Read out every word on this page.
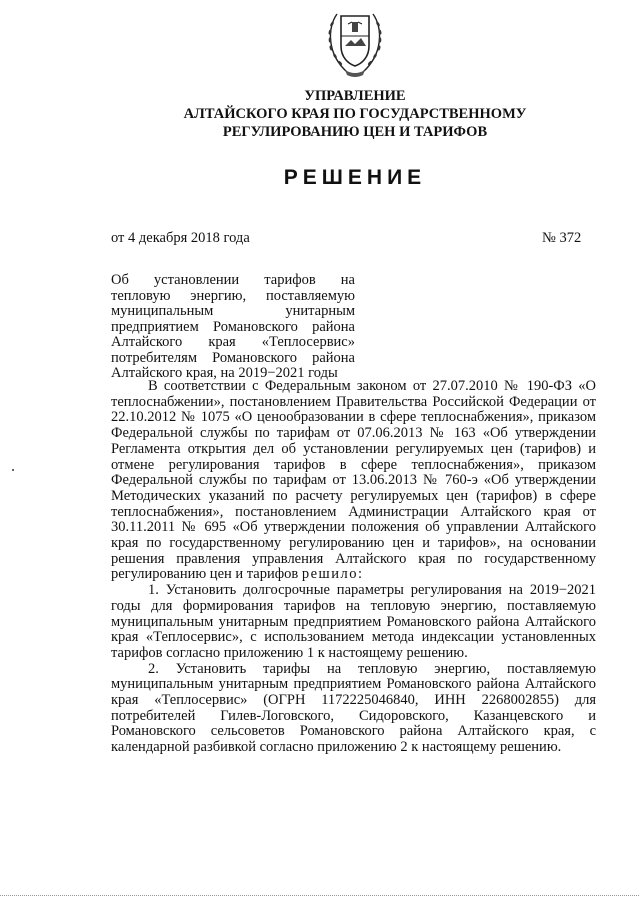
УПРАВЛЕНИЕ
АЛТАЙСКОГО КРАЯ ПО ГОСУДАРСТВЕННОМУ
РЕГУЛИРОВАНИЮ ЦЕН И ТАРИФОВ
РЕШЕНИЕ
от 4 декабря 2018 года	№ 372
Об установлении тарифов на
тепловую энергию, поставляемую
муниципальным унитарным
предприятием Романовского района
Алтайского края «Теплосервис»
потребителям Романовского района
Алтайского края, на 2019−2021 годы
В соответствии с Федеральным законом от 27.07.2010 № 190-ФЗ «О теплоснабжении», постановлением Правительства Российской Федерации от 22.10.2012 № 1075 «О ценообразовании в сфере теплоснабжения», приказом Федеральной службы по тарифам от 07.06.2013 № 163 «Об утверждении Регламента открытия дел об установлении регулируемых цен (тарифов) и отмене регулирования тарифов в сфере теплоснабжения», приказом Федеральной службы по тарифам от 13.06.2013 № 760-э «Об утверждении Методических указаний по расчету регулируемых цен (тарифов) в сфере теплоснабжения», постановлением Администрации Алтайского края от 30.11.2011 № 695 «Об утверждении положения об управлении Алтайского края по государственному регулированию цен и тарифов», на основании решения правления управления Алтайского края по государственному регулированию цен и тарифов решило:
1. Установить долгосрочные параметры регулирования на 2019−2021 годы для формирования тарифов на тепловую энергию, поставляемую муниципальным унитарным предприятием Романовского района Алтайского края «Теплосервис», с использованием метода индексации установленных тарифов согласно приложению 1 к настоящему решению.
2. Установить тарифы на тепловую энергию, поставляемую муниципальным унитарным предприятием Романовского района Алтайского края «Теплосервис» (ОГРН 1172225046840, ИНН 2268002855) для потребителей Гилев-Логовского, Сидоровского, Казанцевского и Романовского сельсоветов Романовского района Алтайского края, с календарной разбивкой согласно приложению 2 к настоящему решению.
